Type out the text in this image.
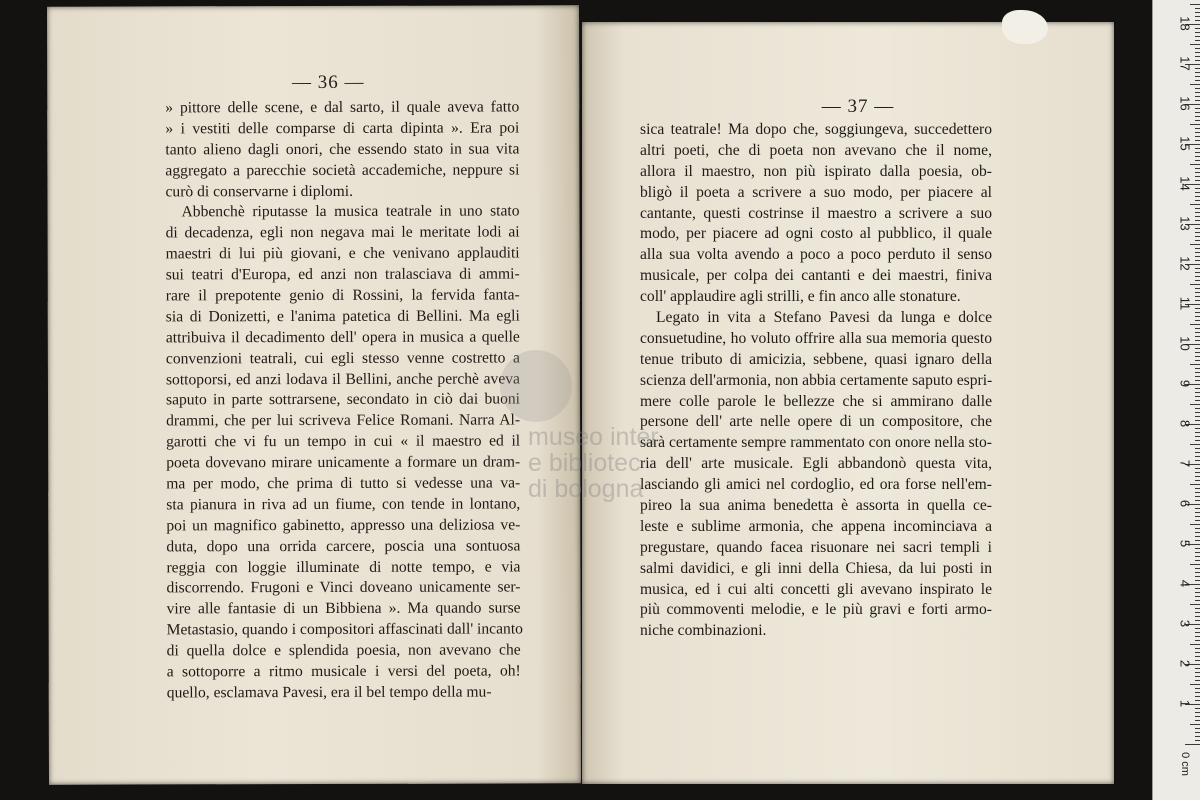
— 36 —
» pittore delle scene, e dal sarto, il quale aveva fatto
» i vestiti delle comparse di carta dipinta ». Era poi
tanto alieno dagli onori, che essendo stato in sua vita
aggregato a parecchie società accademiche, neppure si
curò di conservarne i diplomi.
Abbenchè riputasse la musica teatrale in uno stato
di decadenza, egli non negava mai le meritate lodi ai
maestri di lui più giovani, e che venivano applauditi
sui teatri d'Europa, ed anzi non tralasciava di ammi-
rare il prepotente genio di Rossini, la fervida fanta-
sia di Donizetti, e l'anima patetica di Bellini. Ma egli
attribuiva il decadimento dell' opera in musica a quelle
convenzioni teatrali, cui egli stesso venne costretto a
sottoporsi, ed anzi lodava il Bellini, anche perchè aveva
saputo in parte sottrarsene, secondato in ciò dai buoni
drammi, che per lui scriveva Felice Romani. Narra Al-
garotti che vi fu un tempo in cui « il maestro ed il
poeta dovevano mirare unicamente a formare un dram-
ma per modo, che prima di tutto si vedesse una va-
sta pianura in riva ad un fiume, con tende in lontano,
poi un magnifico gabinetto, appresso una deliziosa ve-
duta, dopo una orrida carcere, poscia una sontuosa
reggia con loggie illuminate di notte tempo, e via
discorrendo. Frugoni e Vinci doveano unicamente ser-
vire alle fantasie di un Bibbiena ». Ma quando surse
Metastasio, quando i compositori affascinati dall' incanto
di quella dolce e splendida poesia, non avevano che
a sottoporre a ritmo musicale i versi del poeta, oh!
quello, esclamava Pavesi, era il bel tempo della mu-
— 37 —
sica teatrale! Ma dopo che, soggiungeva, succedettero
altri poeti, che di poeta non avevano che il nome,
allora il maestro, non più ispirato dalla poesia, ob-
bligò il poeta a scrivere a suo modo, per piacere al
cantante, questi costrinse il maestro a scrivere a suo
modo, per piacere ad ogni costo al pubblico, il quale
alla sua volta avendo a poco a poco perduto il senso
musicale, per colpa dei cantanti e dei maestri, finiva
coll' applaudire agli strilli, e fin anco alle stonature.
Legato in vita a Stefano Pavesi da lunga e dolce
consuetudine, ho voluto offrire alla sua memoria questo
tenue tributo di amicizia, sebbene, quasi ignaro della
scienza dell'armonia, non abbia certamente saputo espri-
mere colle parole le bellezze che si ammirano dalle
persone dell' arte nelle opere di un compositore, che
sarà certamente sempre rammentato con onore nella sto-
ria dell' arte musicale. Egli abbandonò questa vita,
lasciando gli amici nel cordoglio, ed ora forse nell'em-
pireo la sua anima benedetta è assorta in quella ce-
leste e sublime armonia, che appena incominciava a
pregustare, quando facea risuonare nei sacri templi i
salmi davidici, e gli inni della Chiesa, da lui posti in
musica, ed i cui alti concetti gli avevano inspirato le
più commoventi melodie, e le più gravi e forti armo-
niche combinazioni.
museo inter
e bibliotec
di bologna
0 cm
1
2
3
4
5
6
7
8
9
10
11
12
13
14
15
16
17
18
